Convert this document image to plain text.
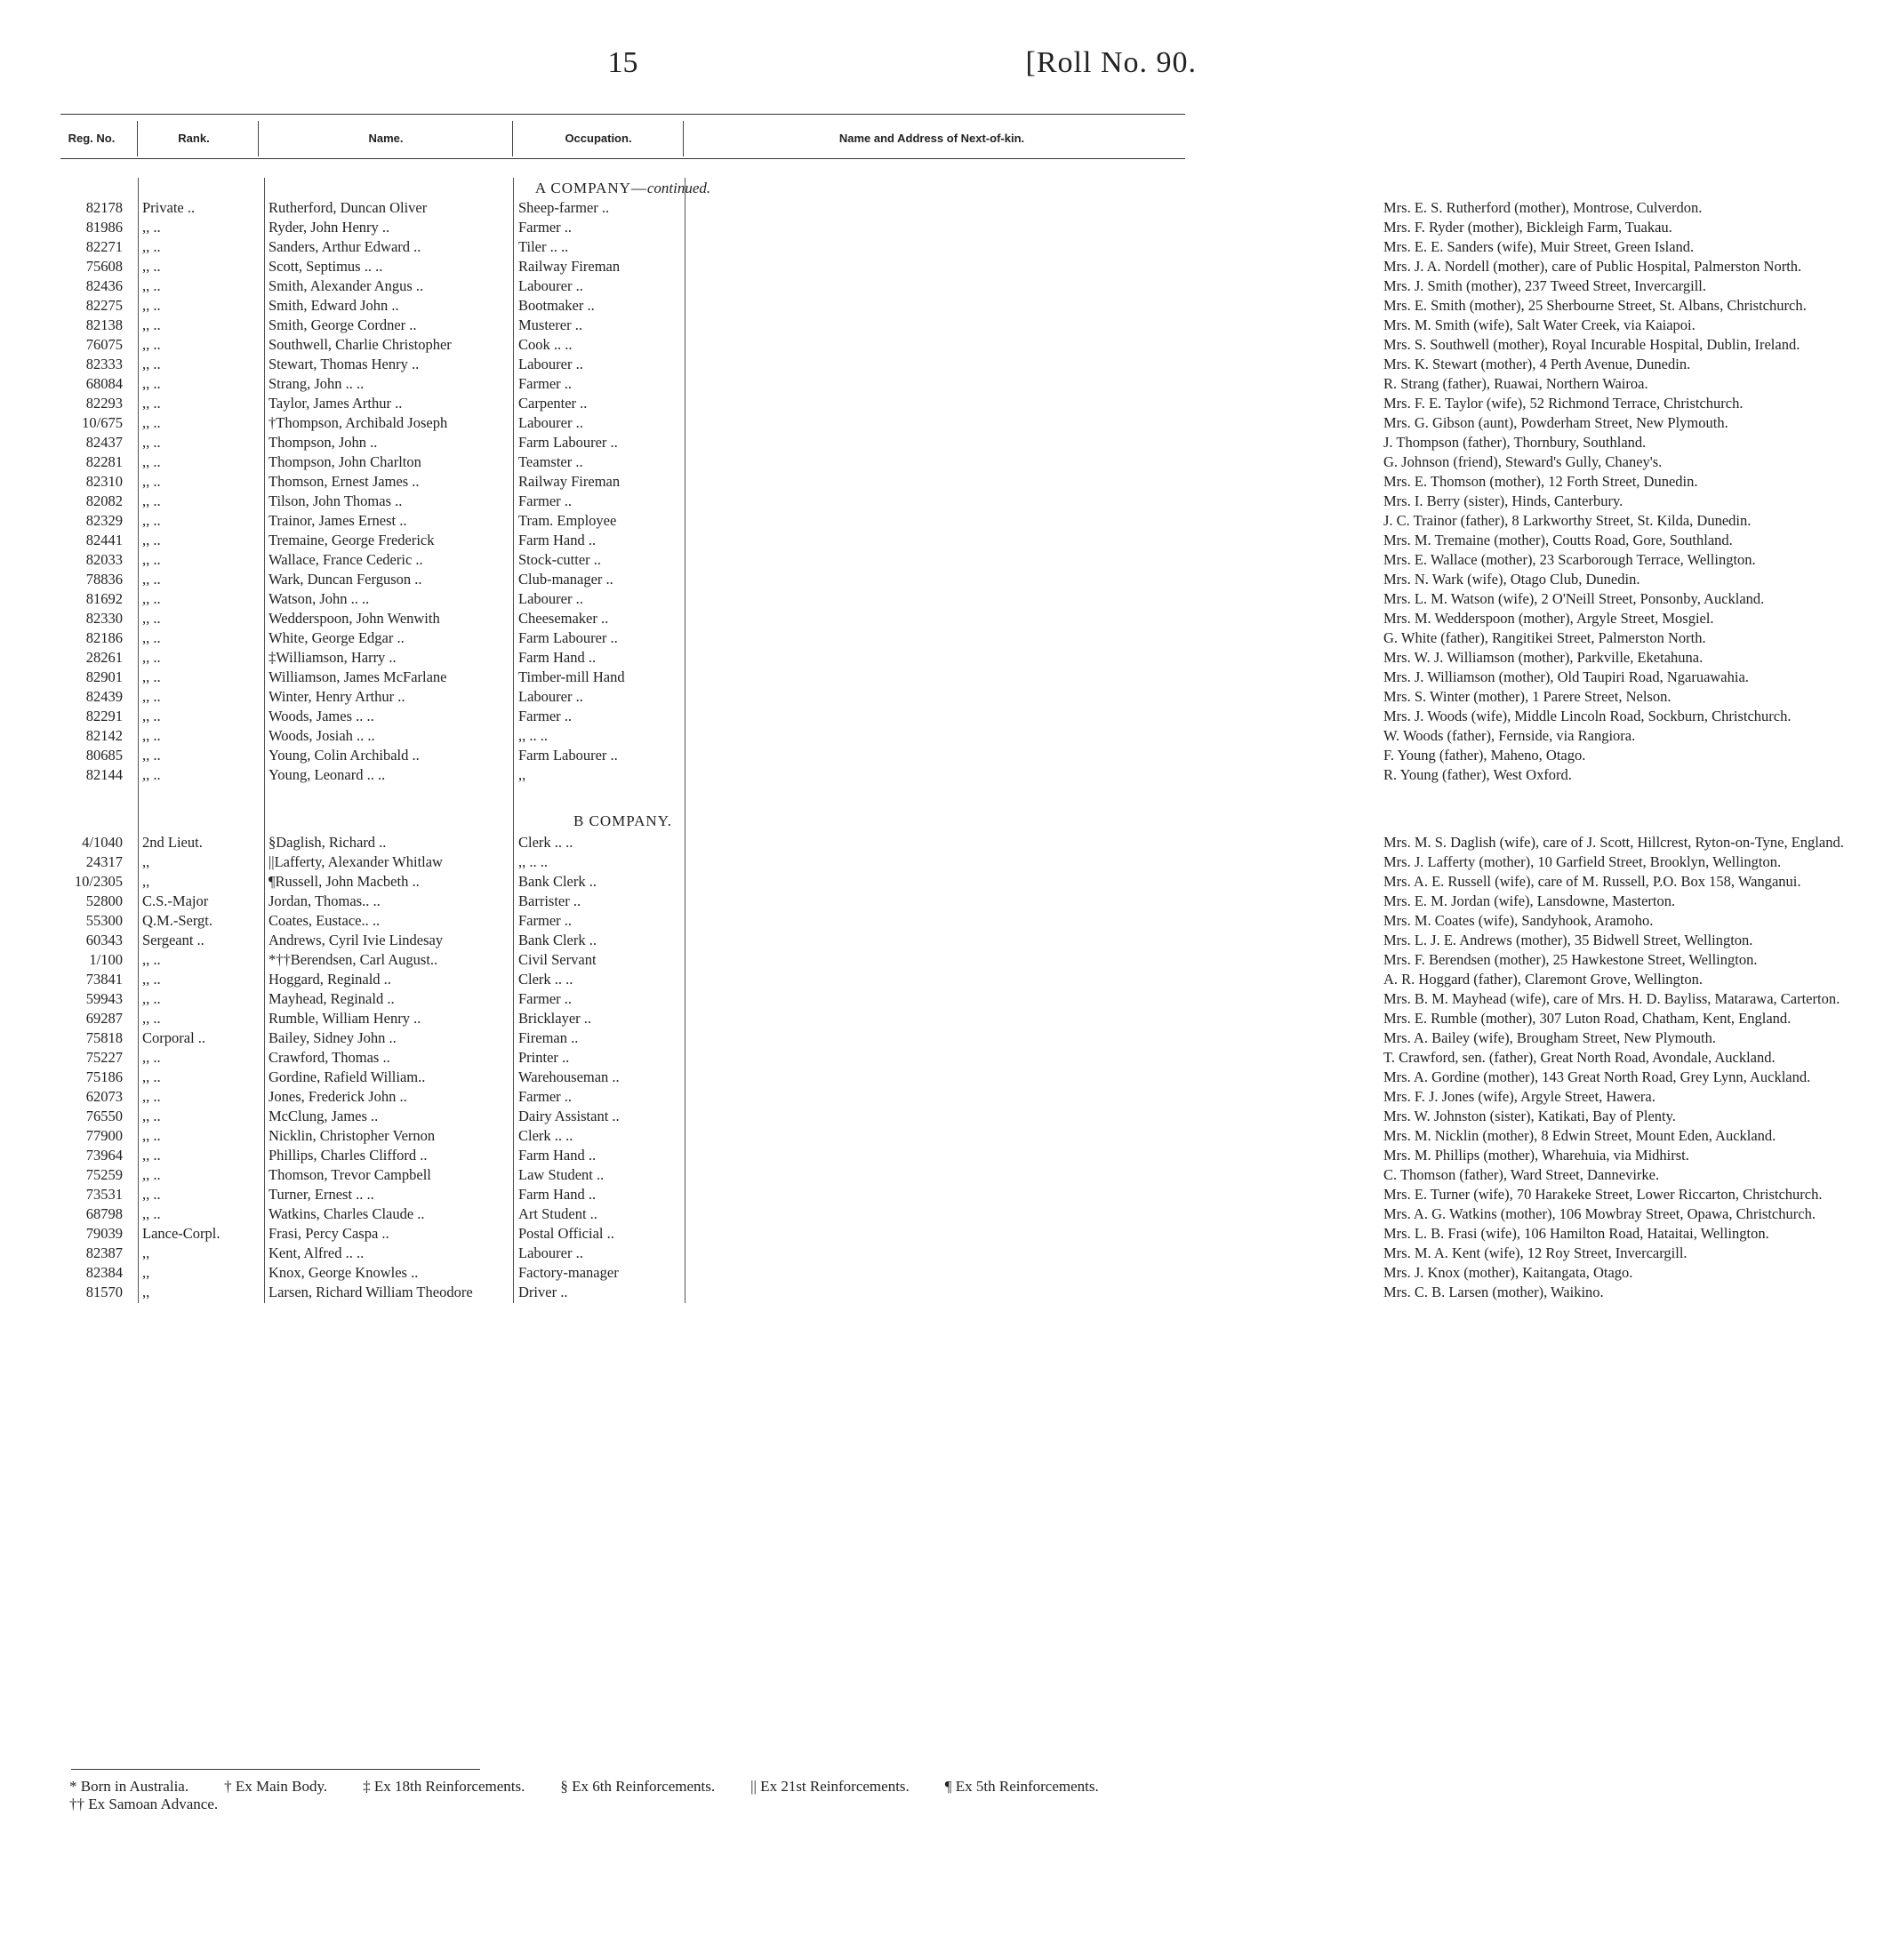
15	[Roll No. 90.
Reg. No.	Rank.	Name.	Occupation.	Name and Address of Next-of-kin.
A COMPANY—continued.
82178 Private ..	Rutherford, Duncan Oliver	Sheep-farmer ..	Mrs. E. S. Rutherford (mother), Montrose, Culverdon.
81986 ,, ..	Ryder, John Henry ..	Farmer ..	Mrs. F. Ryder (mother), Bickleigh Farm, Tuakau.
82271 ,, ..	Sanders, Arthur Edward ..	Tiler .. ..	Mrs. E. E. Sanders (wife), Muir Street, Green Island.
75608 ,, ..	Scott, Septimus .. ..	Railway Fireman	Mrs. J. A. Nordell (mother), care of Public Hospital, Palmerston North.
82436 ,, ..	Smith, Alexander Angus ..	Labourer ..	Mrs. J. Smith (mother), 237 Tweed Street, Invercargill.
82275 ,, ..	Smith, Edward John ..	Bootmaker ..	Mrs. E. Smith (mother), 25 Sherbourne Street, St. Albans, Christchurch.
82138 ,, ..	Smith, George Cordner ..	Musterer ..	Mrs. M. Smith (wife), Salt Water Creek, via Kaiapoi.
76075 ,, ..	Southwell, Charlie Christopher	Cook .. ..	Mrs. S. Southwell (mother), Royal Incurable Hospital, Dublin, Ireland.
82333 ,, ..	Stewart, Thomas Henry ..	Labourer ..	Mrs. K. Stewart (mother), 4 Perth Avenue, Dunedin.
68084 ,, ..	Strang, John .. ..	Farmer ..	R. Strang (father), Ruawai, Northern Wairoa.
82293 ,, ..	Taylor, James Arthur ..	Carpenter ..	Mrs. F. E. Taylor (wife), 52 Richmond Terrace, Christchurch.
10/675 ,, ..	†Thompson, Archibald Joseph	Labourer ..	Mrs. G. Gibson (aunt), Powderham Street, New Plymouth.
82437 ,, ..	Thompson, John ..	Farm Labourer ..	J. Thompson (father), Thornbury, Southland.
82281 ,, ..	Thompson, John Charlton	Teamster ..	G. Johnson (friend), Steward's Gully, Chaney's.
82310 ,, ..	Thomson, Ernest James ..	Railway Fireman	Mrs. E. Thomson (mother), 12 Forth Street, Dunedin.
82082 ,, ..	Tilson, John Thomas ..	Farmer ..	Mrs. I. Berry (sister), Hinds, Canterbury.
82329 ,, ..	Trainor, James Ernest ..	Tram. Employee	J. C. Trainor (father), 8 Larkworthy Street, St. Kilda, Dunedin.
82441 ,, ..	Tremaine, George Frederick	Farm Hand ..	Mrs. M. Tremaine (mother), Coutts Road, Gore, Southland.
82033 ,, ..	Wallace, France Cederic ..	Stock-cutter ..	Mrs. E. Wallace (mother), 23 Scarborough Terrace, Wellington.
78836 ,, ..	Wark, Duncan Ferguson ..	Club-manager ..	Mrs. N. Wark (wife), Otago Club, Dunedin.
81692 ,, ..	Watson, John .. ..	Labourer ..	Mrs. L. M. Watson (wife), 2 O'Neill Street, Ponsonby, Auckland.
82330 ,, ..	Wedderspoon, John Wenwith	Cheesemaker ..	Mrs. M. Wedderspoon (mother), Argyle Street, Mosgiel.
82186 ,, ..	White, George Edgar ..	Farm Labourer ..	G. White (father), Rangitikei Street, Palmerston North.
28261 ,, ..	‡Williamson, Harry ..	Farm Hand ..	Mrs. W. J. Williamson (mother), Parkville, Eketahuna.
82901 ,, ..	Williamson, James McFarlane	Timber-mill Hand	Mrs. J. Williamson (mother), Old Taupiri Road, Ngaruawahia.
82439 ,, ..	Winter, Henry Arthur ..	Labourer ..	Mrs. S. Winter (mother), 1 Parere Street, Nelson.
82291 ,, ..	Woods, James .. ..	Farmer ..	Mrs. J. Woods (wife), Middle Lincoln Road, Sockburn, Christchurch.
82142 ,, ..	Woods, Josiah .. ..	,, .. ..	W. Woods (father), Fernside, via Rangiora.
80685 ,, ..	Young, Colin Archibald ..	Farm Labourer ..	F. Young (father), Maheno, Otago.
82144 ,, ..	Young, Leonard .. ..	,,	R. Young (father), West Oxford.
B COMPANY.
4/1040 2nd Lieut.	§Daglish, Richard ..	Clerk .. ..	Mrs. M. S. Daglish (wife), care of J. Scott, Hillcrest, Ryton-on-Tyne, England.
24317 ,,	||Lafferty, Alexander Whitlaw	,, .. ..	Mrs. J. Lafferty (mother), 10 Garfield Street, Brooklyn, Wellington.
10/2305 ,,	¶Russell, John Macbeth ..	Bank Clerk ..	Mrs. A. E. Russell (wife), care of M. Russell, P.O. Box 158, Wanganui.
52800 C.S.-Major	Jordan, Thomas.. ..	Barrister ..	Mrs. E. M. Jordan (wife), Lansdowne, Masterton.
55300 Q.M.-Sergt.	Coates, Eustace.. ..	Farmer ..	Mrs. M. Coates (wife), Sandyhook, Aramoho.
60343 Sergeant ..	Andrews, Cyril Ivie Lindesay	Bank Clerk ..	Mrs. L. J. E. Andrews (mother), 35 Bidwell Street, Wellington.
1/100 ,, ..	*††Berendsen, Carl August..	Civil Servant	Mrs. F. Berendsen (mother), 25 Hawkestone Street, Wellington.
73841 ,, ..	Hoggard, Reginald ..	Clerk .. ..	A. R. Hoggard (father), Claremont Grove, Wellington.
59943 ,, ..	Mayhead, Reginald ..	Farmer ..	Mrs. B. M. Mayhead (wife), care of Mrs. H. D. Bayliss, Matarawa, Carterton.
69287 ,, ..	Rumble, William Henry ..	Bricklayer ..	Mrs. E. Rumble (mother), 307 Luton Road, Chatham, Kent, England.
75818 Corporal ..	Bailey, Sidney John ..	Fireman ..	Mrs. A. Bailey (wife), Brougham Street, New Plymouth.
75227 ,, ..	Crawford, Thomas ..	Printer ..	T. Crawford, sen. (father), Great North Road, Avondale, Auckland.
75186 ,, ..	Gordine, Rafield William..	Warehouseman ..	Mrs. A. Gordine (mother), 143 Great North Road, Grey Lynn, Auckland.
62073 ,, ..	Jones, Frederick John ..	Farmer ..	Mrs. F. J. Jones (wife), Argyle Street, Hawera.
76550 ,, ..	McClung, James ..	Dairy Assistant ..	Mrs. W. Johnston (sister), Katikati, Bay of Plenty.
77900 ,, ..	Nicklin, Christopher Vernon	Clerk .. ..	Mrs. M. Nicklin (mother), 8 Edwin Street, Mount Eden, Auckland.
73964 ,, ..	Phillips, Charles Clifford ..	Farm Hand ..	Mrs. M. Phillips (mother), Wharehuia, via Midhirst.
75259 ,, ..	Thomson, Trevor Campbell	Law Student ..	C. Thomson (father), Ward Street, Dannevirke.
73531 ,, ..	Turner, Ernest .. ..	Farm Hand ..	Mrs. E. Turner (wife), 70 Harakeke Street, Lower Riccarton, Christchurch.
68798 ,, ..	Watkins, Charles Claude ..	Art Student ..	Mrs. A. G. Watkins (mother), 106 Mowbray Street, Opawa, Christchurch.
79039 Lance-Corpl.	Frasi, Percy Caspa ..	Postal Official ..	Mrs. L. B. Frasi (wife), 106 Hamilton Road, Hataitai, Wellington.
82387 ,,	Kent, Alfred .. ..	Labourer ..	Mrs. M. A. Kent (wife), 12 Roy Street, Invercargill.
82384 ,,	Knox, George Knowles ..	Factory-manager	Mrs. J. Knox (mother), Kaitangata, Otago.
81570 ,,	Larsen, Richard William Theodore	Driver ..	Mrs. C. B. Larsen (mother), Waikino.
* Born in Australia. † Ex Main Body. ‡ Ex 18th Reinforcements. § Ex 6th Reinforcements. || Ex 21st Reinforcements. ¶ Ex 5th Reinforcements.†† Ex Samoan Advance.
